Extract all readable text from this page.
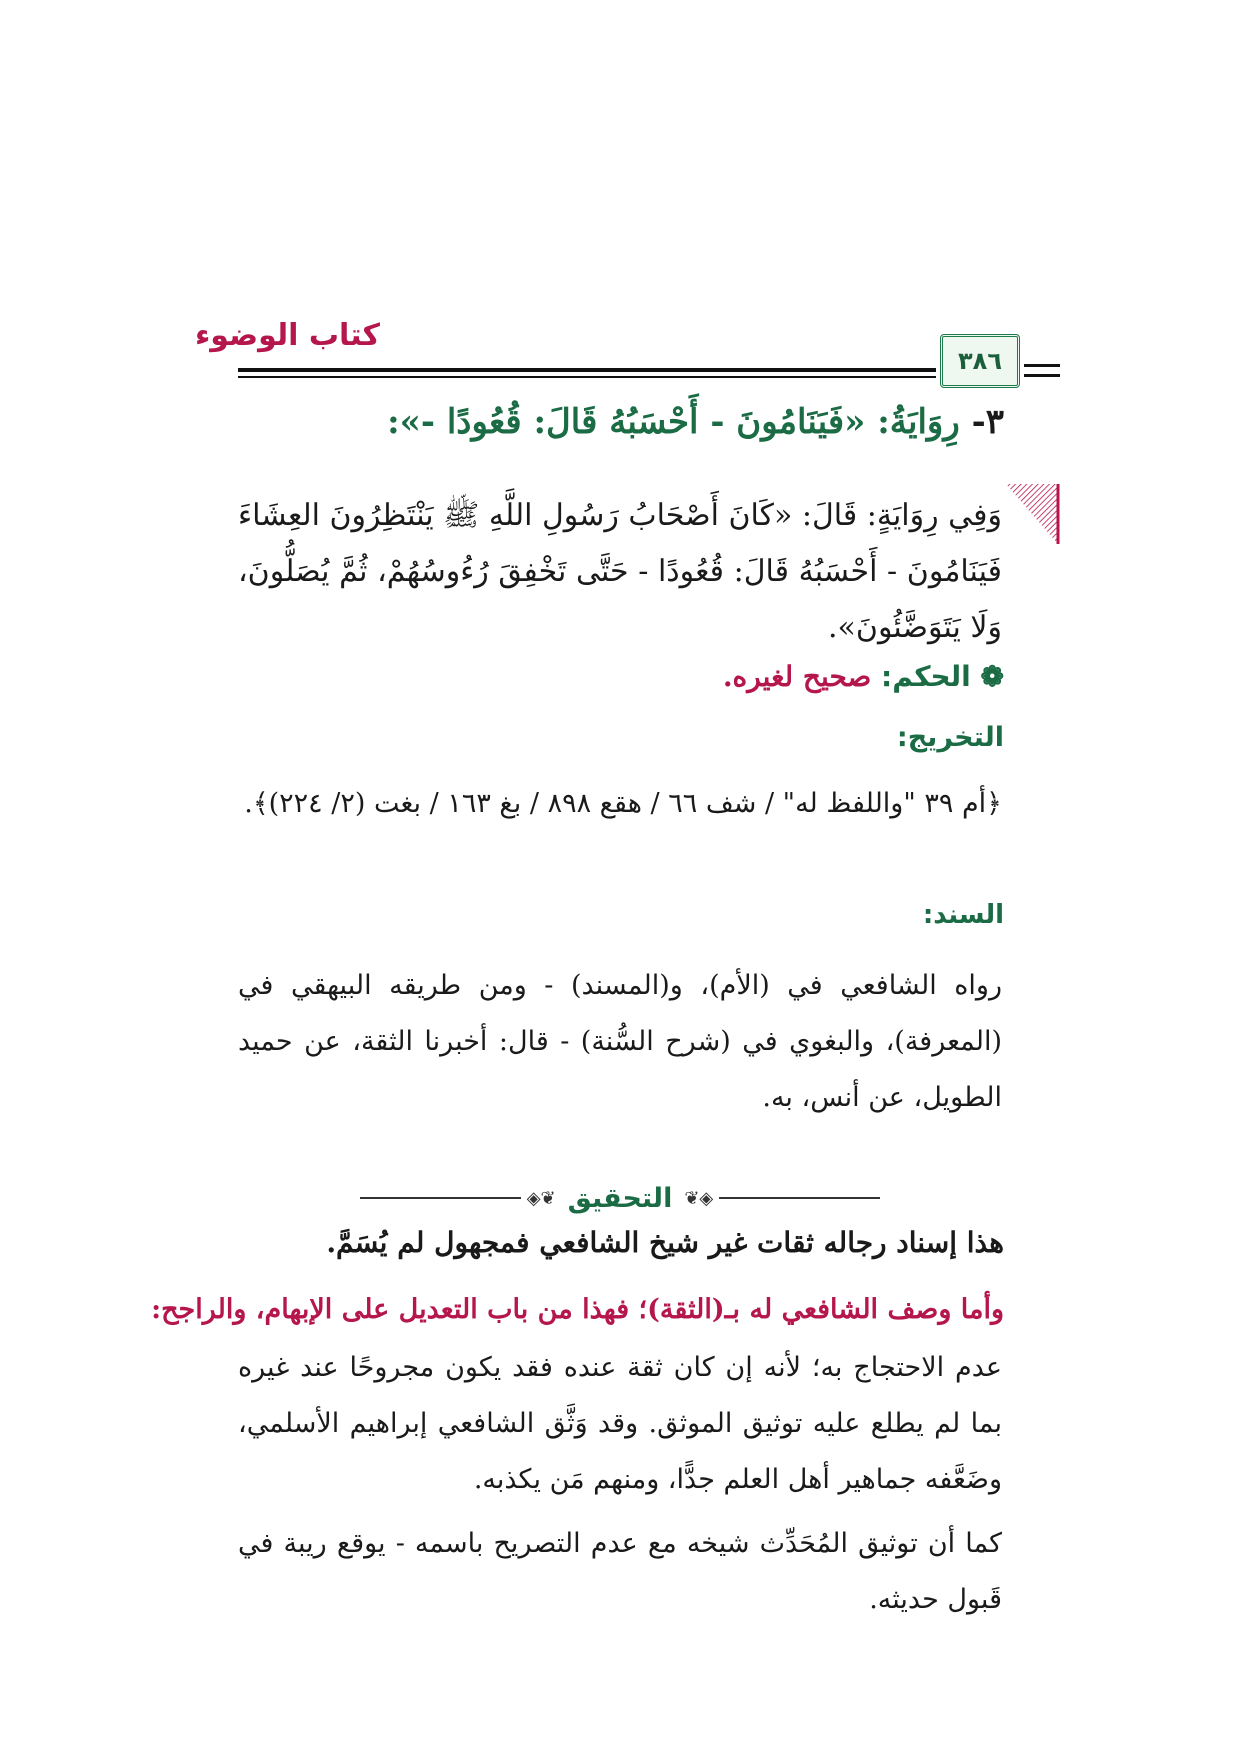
كتاب الوضوء
٣٨٦
٣- رِوَايَةُ: «فَيَنَامُونَ - أَحْسَبُهُ قَالَ: قُعُودًا -»:
وَفِي رِوَايَةٍ: قَالَ: «كَانَ أَصْحَابُ رَسُولِ اللَّهِ ﷺ يَنْتَظِرُونَ العِشَاءَ فَيَنَامُونَ - أَحْسَبُهُ قَالَ: قُعُودًا - حَتَّى تَخْفِقَ رُءُوسُهُمْ، ثُمَّ يُصَلُّونَ، وَلَا يَتَوَضَّئُونَ».
❁ الحكم: صحيح لغيره.
التخريج:
﴿أم ٣٩ "واللفظ له" / شف ٦٦ / هقع ٨٩٨ / بغ ١٦٣ / بغت (٢/ ٢٢٤)﴾.
السند:
رواه الشافعي في (الأم)، و(المسند) - ومن طريقه البيهقي في (المعرفة)، والبغوي في (شرح السُّنة) - قال: أخبرنا الثقة، عن حميد الطويل، عن أنس، به.
◈❦
التحقيق
❦◈
هذا إسناد رجاله ثقات غير شيخ الشافعي فمجهول لم يُسَمَّ.
وأما وصف الشافعي له بـ(الثقة)؛ فهذا من باب التعديل على الإبهام، والراجح:
عدم الاحتجاج به؛ لأنه إن كان ثقة عنده فقد يكون مجروحًا عند غيره بما لم يطلع عليه توثيق الموثق. وقد وَثَّق الشافعي إبراهيم الأسلمي، وضَعَّفه جماهير أهل العلم جدًّا، ومنهم مَن يكذبه.
كما أن توثيق المُحَدِّث شيخه مع عدم التصريح باسمه - يوقع ريبة في قَبول حديثه.
